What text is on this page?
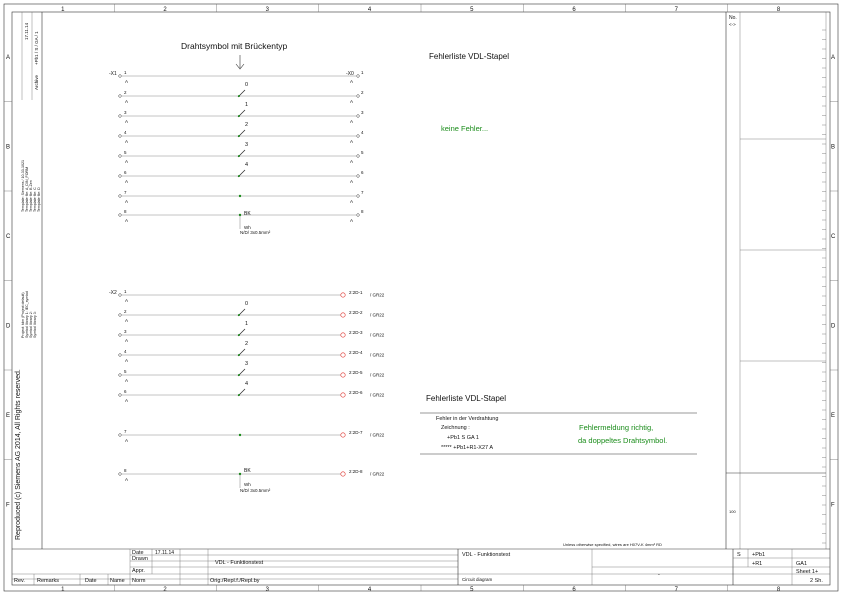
1
1
2
2
3
3
4
4
5
5
6
6
7
7
8
8
A	A
B	B
C	C
D	D
E	E
F	F
Reproduced (c) Siemens AG 2014, All Rights reserved.
Archive
+Pb1 / S / GA / 1
17.11.14
Template: Siemens / 10-33-1021 Template file: A_DIN_FORM Template file: B.Zen Template file: C Template file: D
Project: tdm (Project default) Symbol library 1: IEC_symbol Symbol library 2: Symbol library 3:
No.
<->
100
Drahtsymbol mit Brückentyp
1
A
1
A
2
A
2
A
0
3
A
3
A
1
4
A
4
A
2
5
A
5
A
3
6
A
6
A
4
7
A
7
A
8
A
8
A
1
A
2:2D-1 / GR22
2
A
2:2D-2 / GR22
0
3
A
2:2D-3 / GR22
1
4
A
2:2D-4 / GR22
2
5
A
2:2D-5 / GR22
3
6
A
2:2D-6 / GR22
4
7
A
2:2D-7 / GR22
8
A
2:2D-8 / GR22
-X1	-X0
BK
Wh
N/D/ 3x0.5mm²
-X2
BK
Wh
N/D/ 3x0.5mm²
Fehlerliste VDL-Stapel
keine Fehler...
Fehlerliste VDL-Stapel
Fehler in der Verdrahtung
Zeichnung :
+Pb1 S GA 1
***** +Pb1+R1-X27 A
Fehlermeldung richtig,
da doppeltes Drahtsymbol.
Unless otherwise specified, wires are H07V-K 4mm² RD
Date 17.11.14
Drawn
VDL - Funktionstest
Appr.
Norm	Orig./Repl.f./Repl.by
VDL - Funktionstest
Circuit diagram
-
S +Pb1
+R1	GA1
Sheet 1+
2 Sh.
Rev. Remarks	Date Name
